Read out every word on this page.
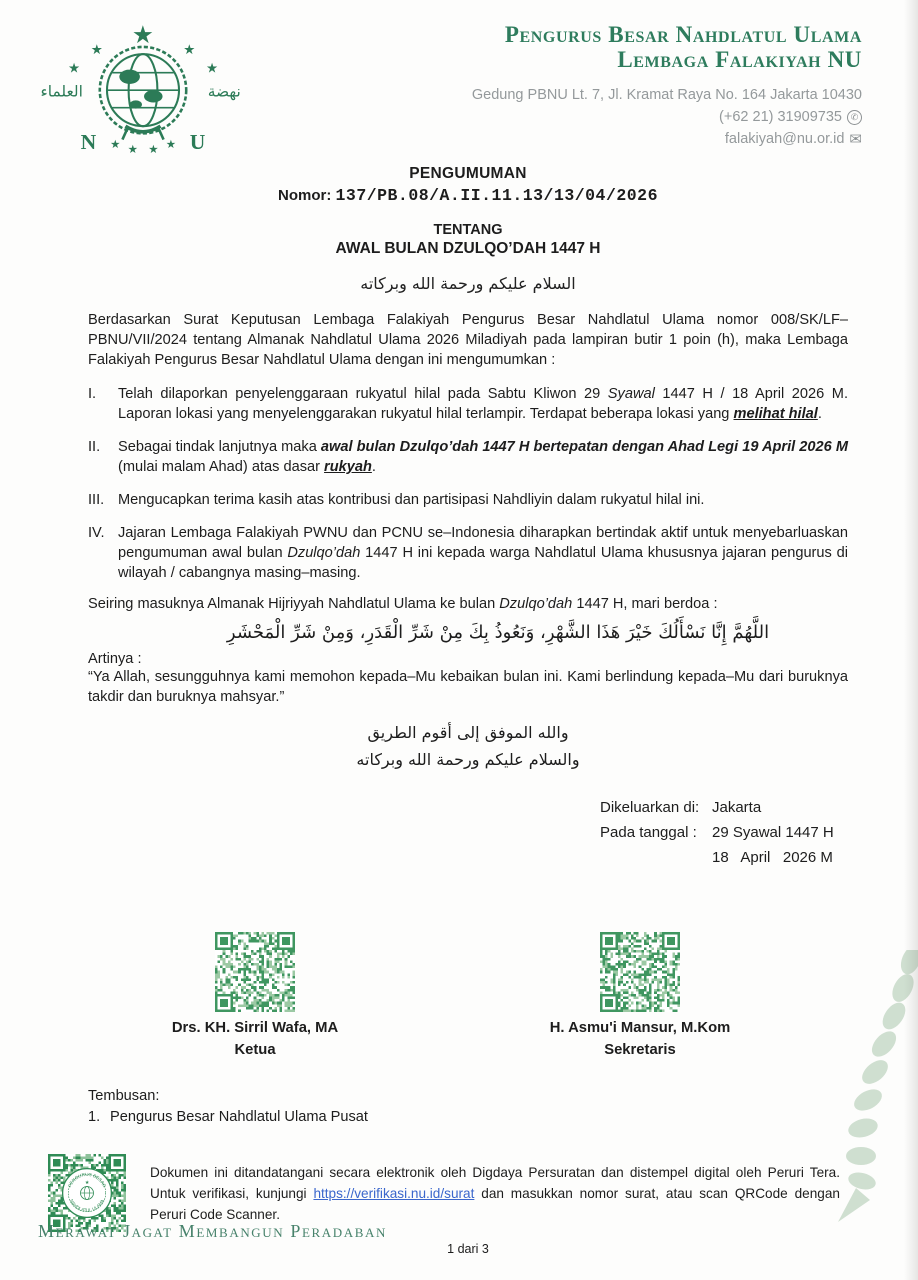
★
★
★
★
★
★ ★ ★ ★
العلماء	نهضة
N	U
Pengurus Besar Nahdlatul Ulama
Lembaga Falakiyah NU
Gedung PBNU Lt. 7, Jl. Kramat Raya No. 164 Jakarta 10430
(+62 21) 31909735 ✆

falakiyah@nu.or.id ✉
PENGUMUMAN
Nomor: 137/PB.08/A.II.11.13/13/04/2026
TENTANG
AWAL BULAN DZULQO’DAH 1447 H
السلام عليكم ورحمة الله وبركاته
Berdasarkan Surat Keputusan Lembaga Falakiyah Pengurus Besar Nahdlatul Ulama nomor 008/SK/LF–PBNU/VII/2024 tentang Almanak Nahdlatul Ulama 2026 Miladiyah pada lampiran butir 1 poin (h), maka Lembaga Falakiyah Pengurus Besar Nahdlatul Ulama dengan ini mengumumkan :
I.	Telah dilaporkan penyelenggaraan rukyatul hilal pada Sabtu Kliwon 29 Syawal 1447 H / 18 April 2026 M. Laporan lokasi yang menyelenggarakan rukyatul hilal terlampir. Terdapat beberapa lokasi yang melihat hilal.
II.	Sebagai tindak lanjutnya maka awal bulan Dzulqo’dah 1447 H bertepatan dengan Ahad Legi 19 April 2026 M (mulai malam Ahad) atas dasar rukyah.
III. Mengucapkan terima kasih atas kontribusi dan partisipasi Nahdliyin dalam rukyatul hilal ini.
IV. Jajaran Lembaga Falakiyah PWNU dan PCNU se–Indonesia diharapkan bertindak aktif untuk menyebarluaskan pengumuman awal bulan Dzulqo’dah 1447 H ini kepada warga Nahdlatul Ulama khususnya jajaran pengurus di wilayah / cabangnya masing–masing.
Seiring masuknya Almanak Hijriyyah Nahdlatul Ulama ke bulan Dzulqo’dah 1447 H, mari berdoa :
اللَّهُمَّ إِنَّا نَسْأَلُكَ خَيْرَ هَذَا الشَّهْرِ، وَنَعُوذُ بِكَ مِنْ شَرِّ الْقَدَرِ، وَمِنْ شَرِّ الْمَحْشَرِ
Artinya :
“Ya Allah, sesungguhnya kami memohon kepada–Mu kebaikan bulan ini. Kami berlindung kepada–Mu dari buruknya takdir dan buruknya mahsyar.”
والله الموفق إلى أقوم الطريق
والسلام عليكم ورحمة الله وبركاته
Dikeluarkan di: Jakarta
Pada tanggal :	29 Syawal 1447 H
18   April   2026 M
Drs. KH. Sirril Wafa, MA
Ketua
H. Asmu'i Mansur, M.Kom
Sekretaris
Tembusan:
1. Pengurus Besar Nahdlatul Ulama Pusat
PENGURUS BESAR
NAHDLATUL ULAMA
★
Dokumen ini ditandatangani secara elektronik oleh Digdaya Persuratan dan distempel digital oleh Peruri Tera. Untuk verifikasi, kunjungi https://verifikasi.nu.id/surat dan masukkan nomor surat, atau scan QRCode dengan Peruri Code Scanner.
1 dari 3
Merawat Jagat Membangun Peradaban
